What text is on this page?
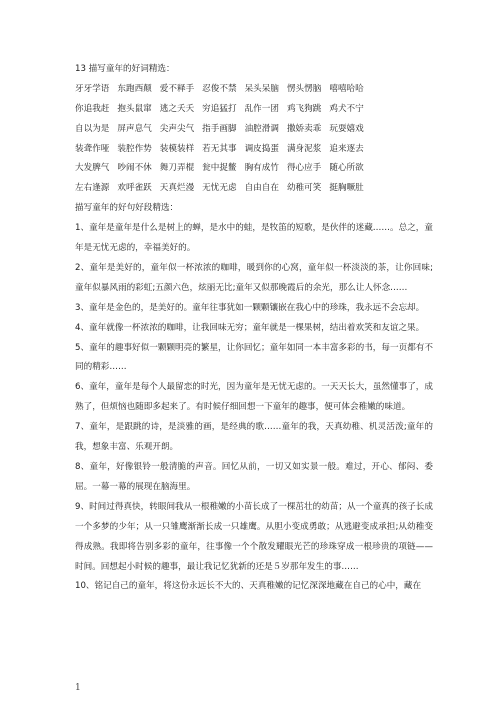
13 描写童年的好词精选：
牙牙学语 东跑西颠 爱不释手 忍俊不禁 呆头呆脑 愣头愣脑 嘻嘻哈哈
你追我赶 抱头鼠窜 逃之夭夭 穷追猛打 乱作一团 鸡飞狗跳 鸡犬不宁
自以为是 屏声息气 尖声尖气 指手画脚 油腔滑调 撒娇卖乖 玩耍嬉戏
装聋作哑 装腔作势 装模装样 若无其事 调皮捣蛋 满身泥浆 追来逐去
大发脾气 吵闹不休 舞刀弄棍 瓮中捉鳖 胸有成竹 得心应手 随心所欲
左右逢源 欢呼雀跃 天真烂漫 无忧无虑 自由自在 幼稚可笑 挺胸噘肚
描写童年的好句好段精选：
1、童年是童年是什么是树上的蝉，是水中的蛙，是牧笛的短歌，是伙伴的迷藏……。总之，童年是无忧无虑的，幸福美好的。
2、童年是美好的，童年似一杯浓浓的咖啡，暖到你的心窝，童年似一杯淡淡的茶，让你回味;童年似暴风雨的彩虹;五颜六色，炫丽无比;童年又似那晚霞后的余光，那么让人怀念……
3、童年是金色的，是美好的。童年往事犹如一颗颗镶嵌在我心中的珍珠，我永远不会忘却。
4、童年就像一杯浓浓的咖啡，让我回味无穷；童年就是一棵果树，结出着欢笑和友谊之果。
5、童年的趣事好似一颗颗明亮的繁星，让你回忆；童年如同一本丰富多彩的书，每一页都有不同的精彩……
6、童年，童年是每个人最留恋的时光，因为童年是无忧无虑的。一天天长大，虽然懂事了，成熟了，但烦恼也随即多起来了。有时候仔细回想一下童年的趣事，便可体会稚嫩的味道。
7、童年，是跟跳的诗，是淡雅的画，是经典的歌……童年的我，天真幼稚、机灵活泼;童年的我，想象丰富、乐观开朗。
8、童年，好像银铃一般清脆的声音。回忆从前，一切又如实景一般。难过，开心、郁闷、委屈。一幕一幕的展现在脑海里。
9、时间过得真快，转眼间我从一根稚嫩的小苗长成了一棵茁壮的幼苗；从一个童真的孩子长成一个多梦的少年；从一只雏鹰渐渐长成一只雄鹰。从胆小变成勇敢；从逃避变成承担;从幼稚变得成熟。我即将告别多彩的童年，往事像一个个散发耀眼光芒的珍珠穿成一根珍贵的项链——时间。回想起小时候的趣事，最让我记忆犹新的还是５岁那年发生的事……
10、铭记自己的童年，将这份永远长不大的、天真稚嫩的记忆深深地藏在自己的心中，藏在
1
